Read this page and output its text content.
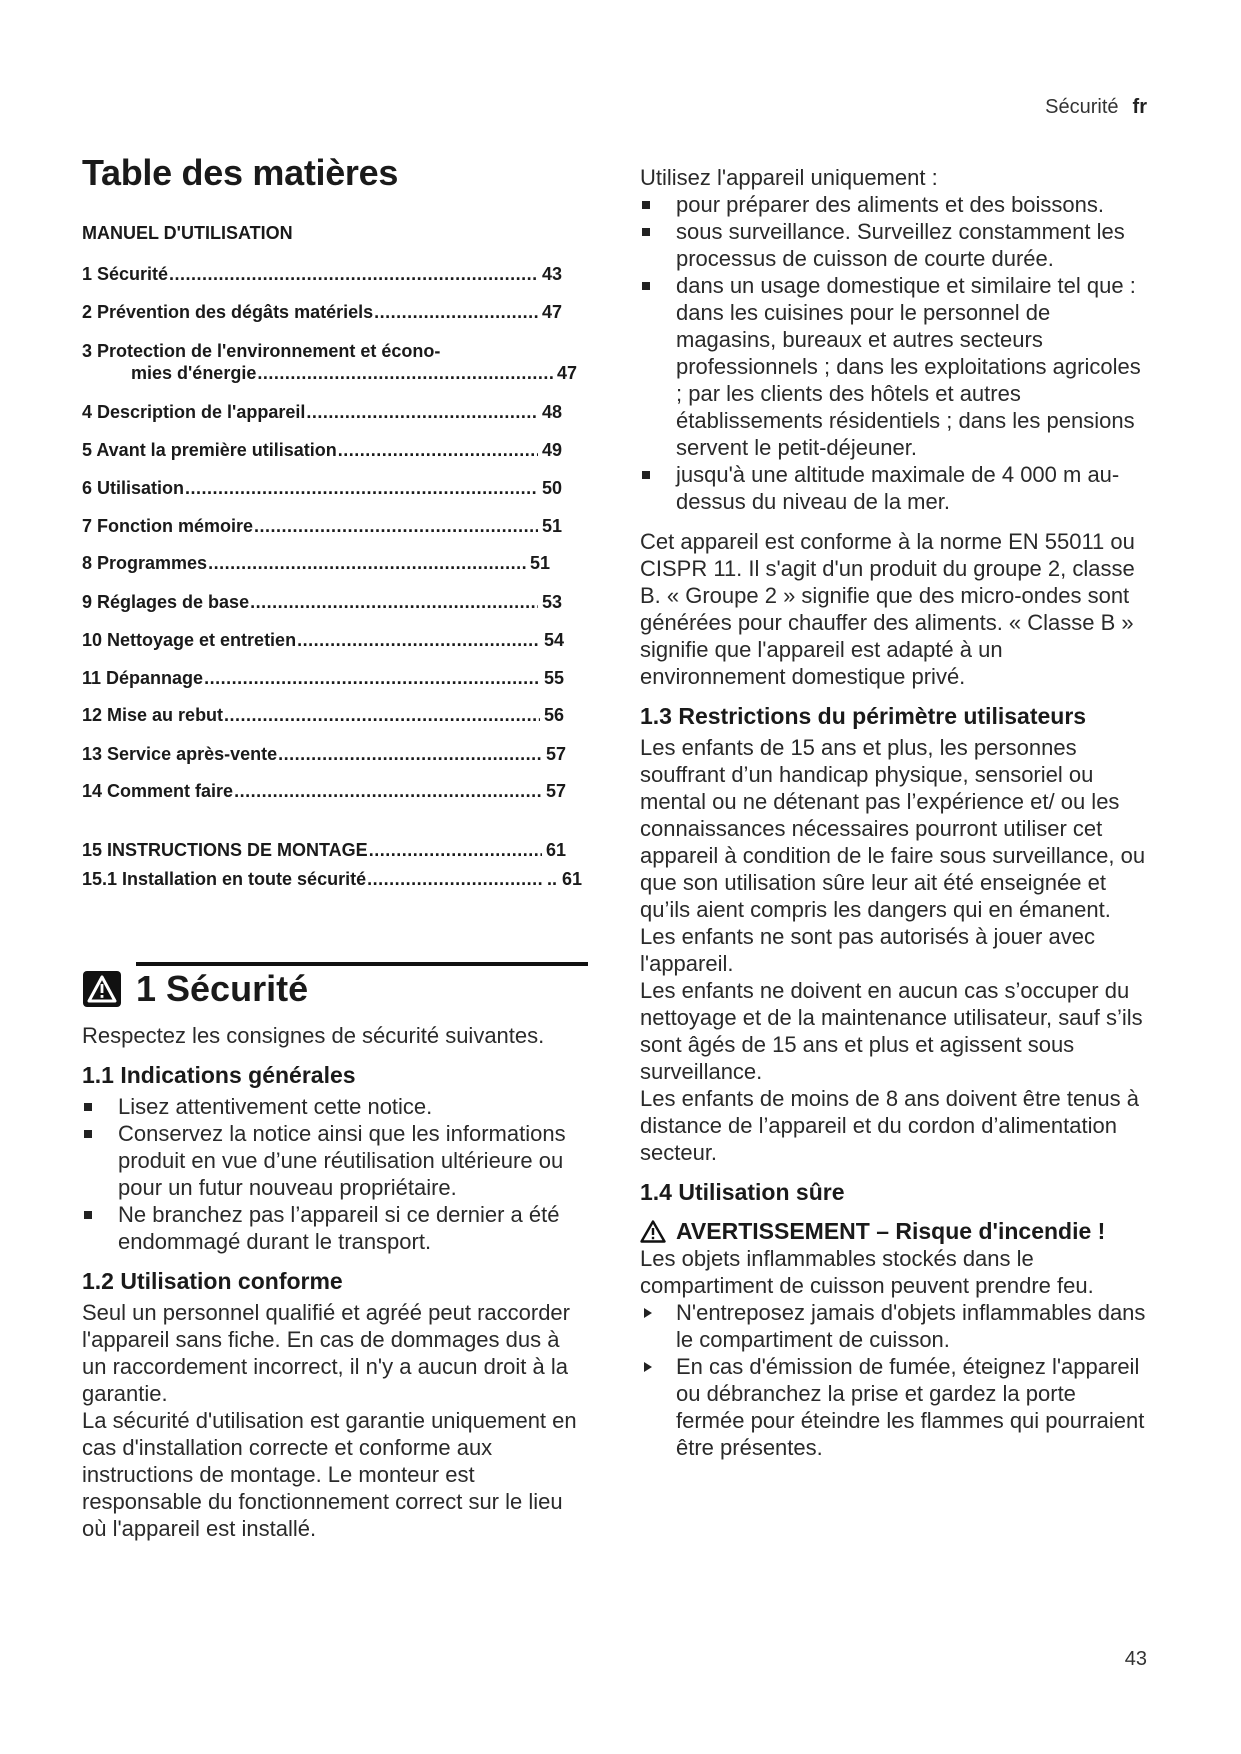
Sécurité fr
43
Table des matières
MANUEL D'UTILISATION
1 Sécurité .....	43
2 Prévention des dégâts matériels .....	47
3 Protection de l'environnement et écono-
mies d'énergie .....	47
4 Description de l'appareil .....	48
5 Avant la première utilisation .....	49
6 Utilisation .....	50
7 Fonction mémoire .....	51
8 Programmes .....	51
9 Réglages de base .....	53
10 Nettoyage et entretien .....	54
11 Dépannage .....	55
12 Mise au rebut .....	56
13 Service après-vente .....	57
14 Comment faire .....	57
15 INSTRUCTIONS DE MONTAGE .....	61
15.1 Installation en toute sécurité .....	.. 61
1 Sécurité

Respectez les consignes de sécurité suivantes.

1.1 Indications générales
Lisez attentivement cette notice.
Conservez la notice ainsi que les informations produit en vue d’une réutilisation ultérieure ou pour un futur nouveau propriétaire.
Ne branchez pas l’appareil si ce dernier a été endommagé durant le transport.
1.2 Utilisation conforme

Seul un personnel qualifié et agréé peut raccorder l'appareil sans fiche. En cas de dommages dus à un raccordement incorrect, il n'y a aucun droit à la garantie.

La sécurité d'utilisation est garantie uniquement en cas d'installation correcte et conforme aux instructions de montage. Le monteur est responsable du fonctionnement correct sur le lieu où l'appareil est installé.

Utilisez l'appareil uniquement :

pour préparer des aliments et des boissons.
sous surveillance. Surveillez constamment les processus de cuisson de courte durée.
dans un usage domestique et similaire tel que : dans les cuisines pour le personnel de magasins, bureaux et autres secteurs professionnels ; dans les exploitations agricoles ; par les clients des hôtels et autres établissements résidentiels ; dans les pensions servent le petit-déjeuner.
jusqu'à une altitude maximale de 4 000 m au-dessus du niveau de la mer.

Cet appareil est conforme à la norme EN 55011 ou CISPR 11. Il s'agit d'un produit du groupe 2, classe B. « Groupe 2 » signifie que des micro-ondes sont générées pour chauffer des aliments. « Classe B » signifie que l'appareil est adapté à un environnement domestique privé.

1.3 Restrictions du périmètre utilisateurs

Les enfants de 15 ans et plus, les personnes souffrant d’un handicap physique, sensoriel ou mental ou ne détenant pas l’expérience et/ ou les connaissances nécessaires pourront utiliser cet appareil à condition de le faire sous surveillance, ou que son utilisation sûre leur ait été enseignée et qu’ils aient compris les dangers qui en émanent.

Les enfants ne sont pas autorisés à jouer avec l'appareil.

Les enfants ne doivent en aucun cas s’occuper du nettoyage et de la maintenance utilisateur, sauf s’ils sont âgés de 15 ans et plus et agissent sous surveillance.

Les enfants de moins de 8 ans doivent être tenus à distance de l’appareil et du cordon d’alimentation secteur.

1.4 Utilisation sûre
AVERTISSEMENT – Risque d'incendie !

Les objets inflammables stockés dans le compartiment de cuisson peuvent prendre feu.

N'entreposez jamais d'objets inflammables dans le compartiment de cuisson.
En cas d'émission de fumée, éteignez l'appareil ou débranchez la prise et gardez la porte fermée pour éteindre les flammes qui pourraient être présentes.
